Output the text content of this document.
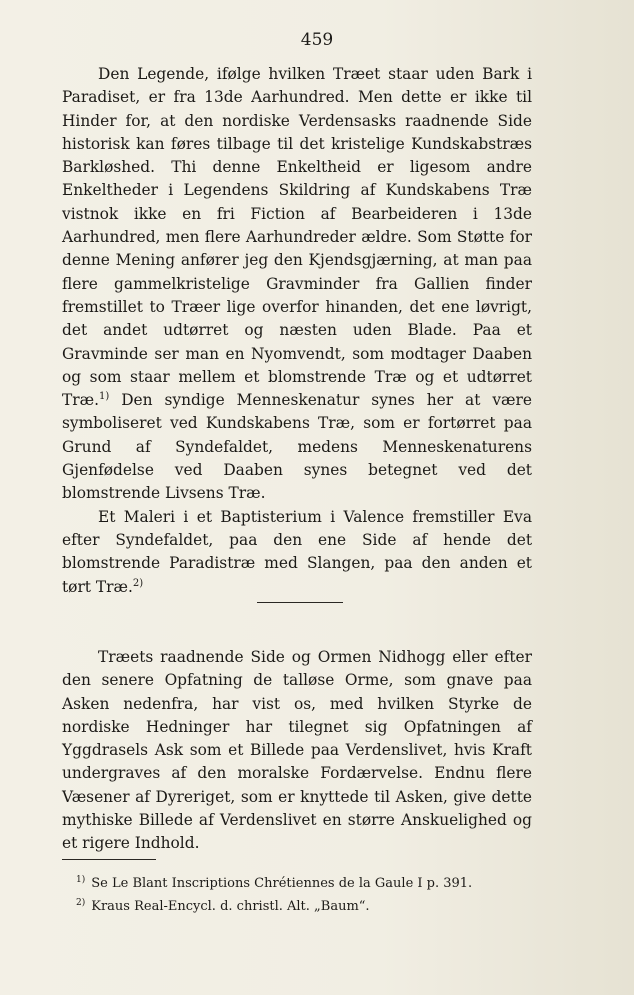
459

Den Legende, ifølge hvilken Træet staar uden Bark i Paradiset, er fra 13de Aarhundred. Men dette er ikke til Hinder for, at den nordiske Verdensasks raadnende Side historisk kan føres tilbage til det kristelige Kundskabstræs Barkløshed. Thi denne Enkeltheid er ligesom andre Enkeltheder i Legendens Skildring af Kundskabens Træ vistnok ikke en fri Fiction af Bearbeideren i 13de Aarhundred, men flere Aarhundreder ældre. Som Støtte for denne Mening anfører jeg den Kjendsgjærning, at man paa flere gammelkristelige Gravminder fra Gallien finder fremstillet to Træer lige overfor hinanden, det ene løvrigt, det andet udtørret og næsten uden Blade. Paa et Gravminde ser man en Nyomvendt, som modtager Daaben og som staar mellem et blomstrende Træ og et udtørret Træ.$^{1)}$ Den syndige Menneskenatur synes her at være symboliseret ved Kundskabens Træ, som er fortørret paa Grund af Syndefaldet, medens Menneskenaturens Gjenfødelse ved Daaben synes betegnet ved det blomstrende Livsens Træ.

Et Maleri i et Baptisterium i Valence fremstiller Eva efter Syndefaldet, paa den ene Side af hende det blomstrende Paradistræ med Slangen, paa den anden et tørt Træ.$^{2)}$

Træets raadnende Side og Ormen Nidhogg eller efter den senere Opfatning de talløse Orme, som gnave paa Asken nedenfra, har vist os, med hvilken Styrke de nordiske Hedninger har tilegnet sig Opfatningen af Yggdrasels Ask som et Billede paa Verdenslivet, hvis Kraft undergraves af den moralske Fordærvelse. Endnu flere Væsener af Dyreriget, som er knyttede til Asken, give dette mythiske Billede af Verdenslivet en større Anskuelighed og et rigere Indhold.

$^{1)}$ Se Le Blant Inscriptions Chrétiennes de la Gaule I p. 391.
$^{2)}$ Kraus Real-Encycl. d. christl. Alt. „Baum“.
